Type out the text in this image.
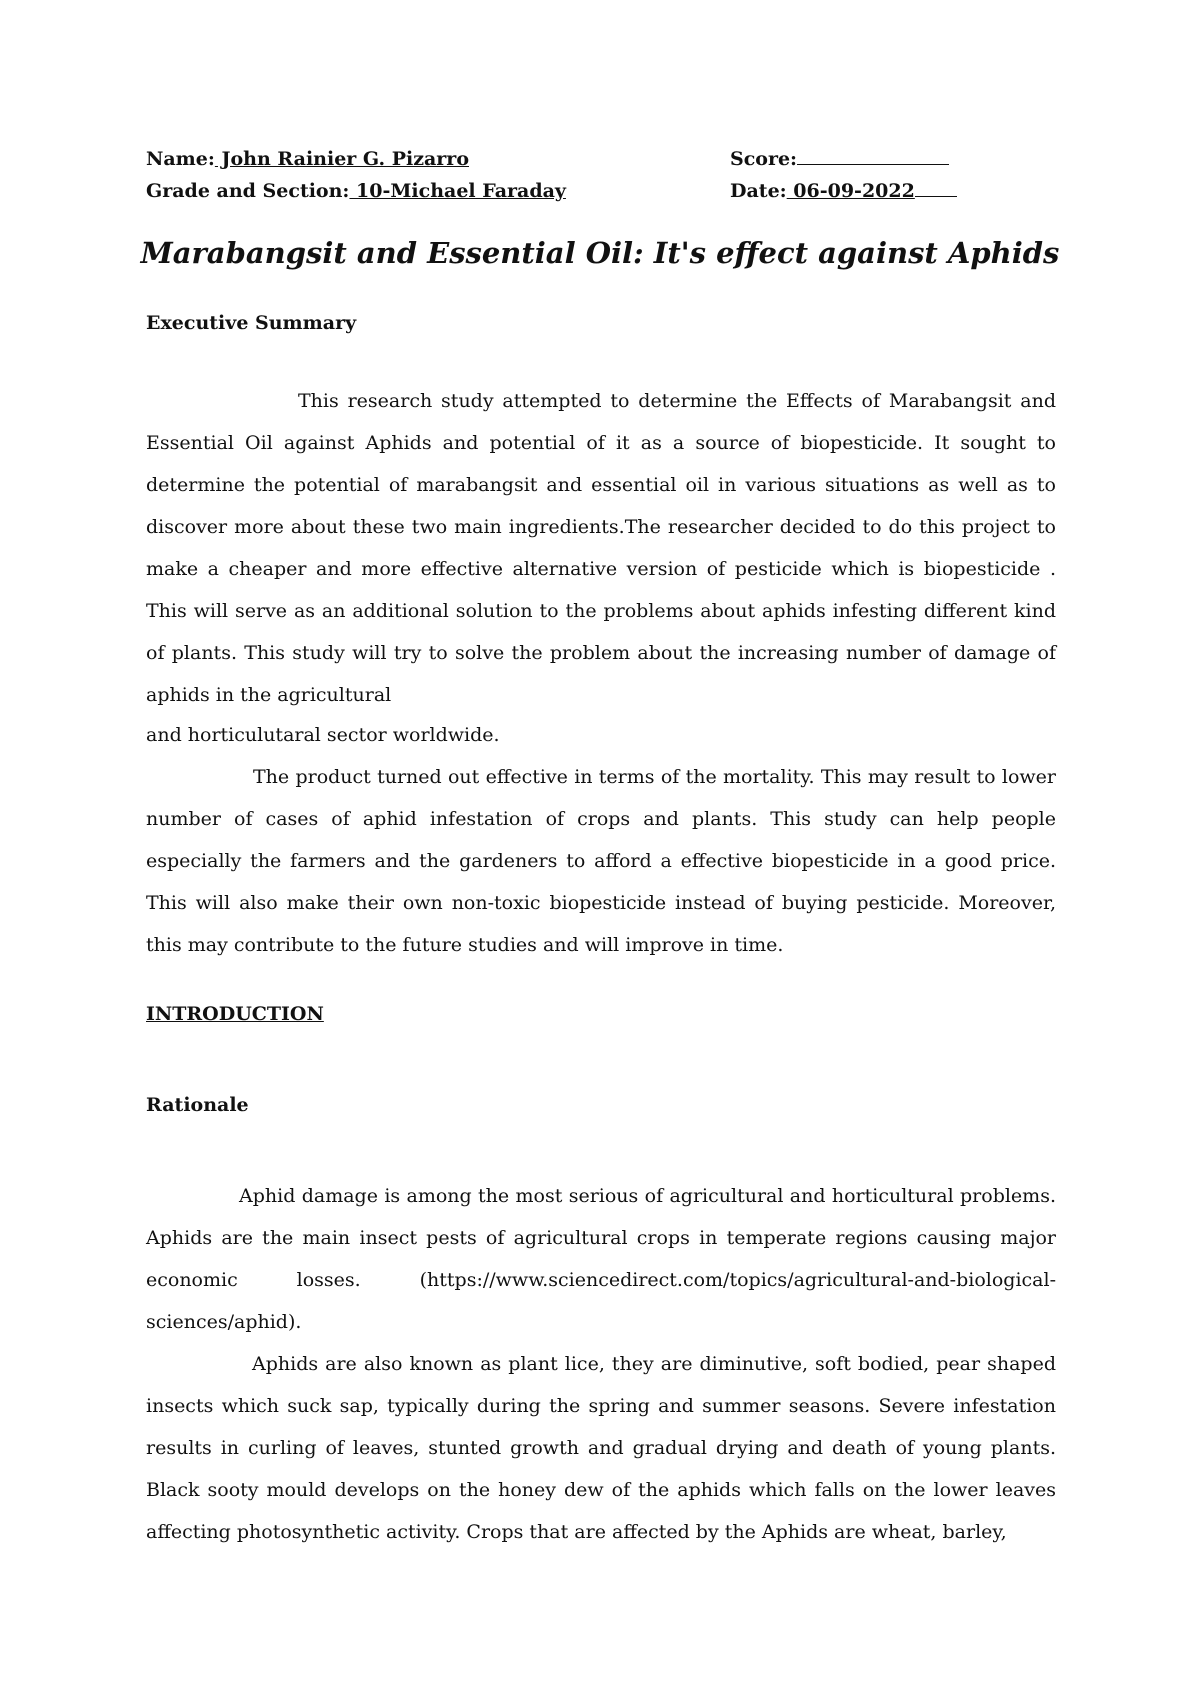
Name: John Rainier G. Pizarro
Grade and Section: 10-Michael Faraday
Score:
Date: 06-09-2022
Marabangsit and Essential Oil: It's effect against Aphids
Executive Summary

This research study attempted to determine the Effects of Marabangsit and Essential Oil against Aphids and potential of it as a source of biopesticide. It sought to determine the potential of marabangsit and essential oil in various situations as well as to discover more about these two main ingredients.The researcher decided to do this project to make a cheaper and more effective alternative version of pesticide which is biopesticide . This will serve as an additional solution to the problems about aphids infesting different kind of plants. This study will try to solve the problem about the increasing number of damage of aphids in the agricultural

and horticulutaral sector worldwide.

The product turned out effective in terms of the mortality. This may result to lower number of cases of aphid infestation of crops and plants. This study can help people especially the farmers and the gardeners to afford a effective biopesticide in a good price. This will also make their own non-toxic biopesticide instead of buying pesticide. Moreover, this may contribute to the future studies and will improve in time.

INTRODUCTION
Rationale

Aphid damage is among the most serious of agricultural and horticultural problems. Aphids are the main insect pests of agricultural crops in temperate regions causing major economic losses. (https://www.sciencedirect.com/topics/agricultural-and-biological-sciences/aphid).

Aphids are also known as plant lice, they are diminutive, soft bodied, pear shaped insects which suck sap, typically during the spring and summer seasons. Severe infestation results in curling of leaves, stunted growth and gradual drying and death of young plants. Black sooty mould develops on the honey dew of the aphids which falls on the lower leaves affecting photosynthetic activity. Crops that are affected by the Aphids are wheat, barley,
